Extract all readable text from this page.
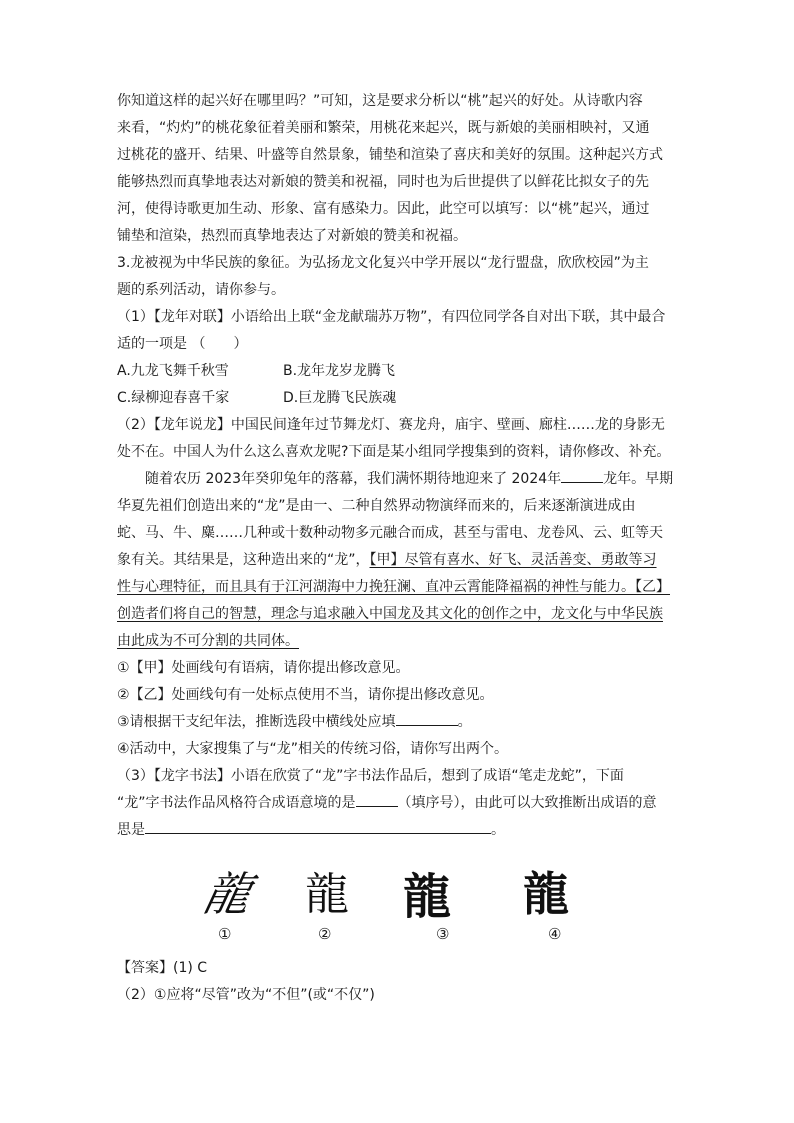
你知道这样的起兴好在哪里吗？”可知，这是要求分析以“桃”起兴的好处。从诗歌内容

来看，“灼灼”的桃花象征着美丽和繁荣，用桃花来起兴，既与新娘的美丽相映衬，又通

过桃花的盛开、结果、叶盛等自然景象，铺垫和渲染了喜庆和美好的氛围。这种起兴方式

能够热烈而真挚地表达对新娘的赞美和祝福，同时也为后世提供了以鲜花比拟女子的先

河，使得诗歌更加生动、形象、富有感染力。因此，此空可以填写：以“桃”起兴，通过

铺垫和渲染，热烈而真挚地表达了对新娘的赞美和祝福。

3.龙被视为中华民族的象征。为弘扬龙文化复兴中学开展以“龙行盟盘，欣欣校园”为主

题的系列活动，请你参与。

（1）【龙年对联】小语给出上联“金龙献瑞苏万物”，有四位同学各自对出下联，其中最合

适的一项是 （　　）

A.九龙飞舞千秋雪	B.龙年龙岁龙腾飞
C.绿柳迎春喜千家	D.巨龙腾飞民族魂

（2）【龙年说龙】中国民间逢年过节舞龙灯、赛龙舟，庙宇、壁画、廊柱……龙的身影无

处不在。中国人为什么这么喜欢龙呢?下面是某小组同学搜集到的资料，请你修改、补充。

随着农历 2023年癸卯兔年的落幕，我们满怀期待地迎来了 2024年	龙年。早期

华夏先祖们创造出来的“龙”是由一、二种自然界动物演绎而来的，后来逐渐演进成由

蛇、马、牛、麋……几种或十数种动物多元融合而成，甚至与雷电、龙卷风、云、虹等天

象有关。其结果是，这种造出来的“龙”，【甲】尽管有喜水、好飞、灵活善变、勇敢等习

性与心理特征，而且具有于江河湖海中力挽狂澜、直冲云霄能降福祸的神性与能力。【乙】

创造者们将自己的智慧，理念与追求融入中国龙及其文化的创作之中，龙文化与中华民族

由此成为不可分割的共同体。

①【甲】处画线句有语病，请你提出修改意见。

②【乙】处画线句有一处标点使用不当，请你提出修改意见。

③请根据干支纪年法，推断选段中横线处应填	。

④活动中，大家搜集了与“龙”相关的传统习俗，请你写出两个。

（3）【龙字书法】小语在欣赏了“龙”字书法作品后，想到了成语“笔走龙蛇”，下面

“龙”字书法作品风格符合成语意境的是	（填序号），由此可以大致推断出成语的意

思是	。

龍 龍 龍 龍
①	②	③	④

【答案】(1) C

（2）①应将“尽管”改为“不但”(或“不仅”)
